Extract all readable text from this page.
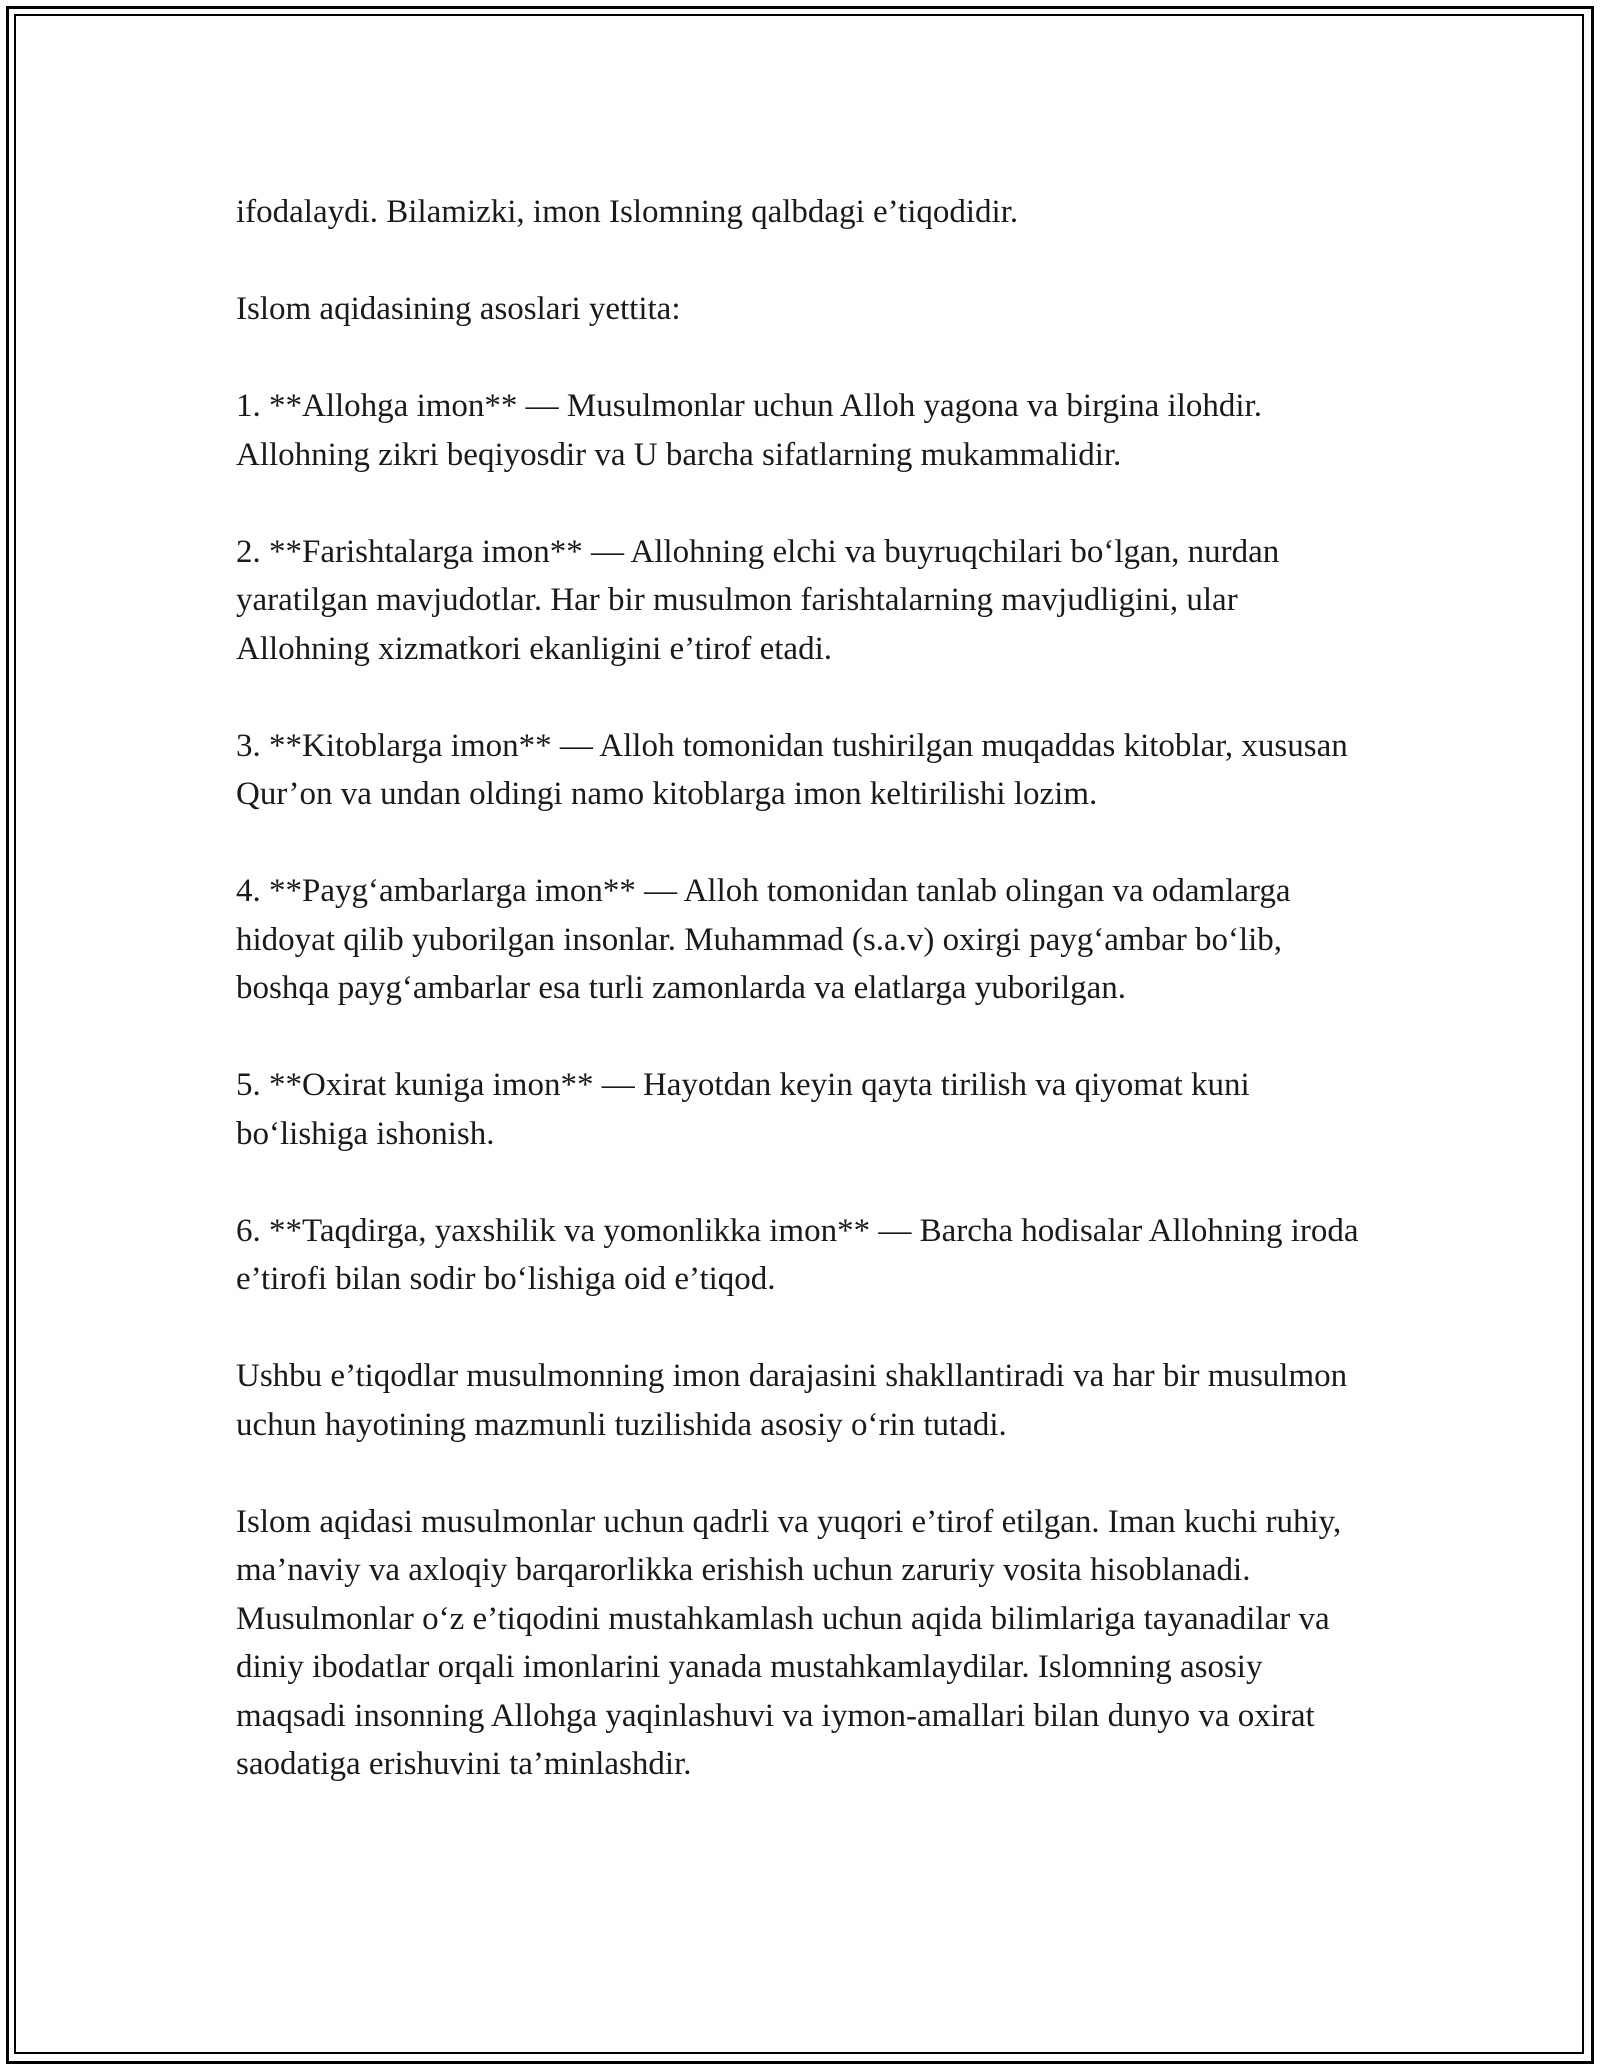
ifodalaydi. Bilamizki, imon Islomning qalbdagi e’tiqodidir.

Islom aqidasining asoslari yettita:

1. **Allohga imon** — Musulmonlar uchun Alloh yagona va birgina ilohdir. Allohning zikri beqiyosdir va U barcha sifatlarning mukammalidir.

2. **Farishtalarga imon** — Allohning elchi va buyruqchilari bo‘lgan, nurdan yaratilgan mavjudotlar. Har bir musulmon farishtalarning mavjudligini, ular Allohning xizmatkori ekanligini e’tirof etadi.

3. **Kitoblarga imon** — Alloh tomonidan tushirilgan muqaddas kitoblar, xususan Qur’on va undan oldingi namo kitoblarga imon keltirilishi lozim.

4. **Payg‘ambarlarga imon** — Alloh tomonidan tanlab olingan va odamlarga hidoyat qilib yuborilgan insonlar. Muhammad (s.a.v) oxirgi payg‘ambar bo‘lib, boshqa payg‘ambarlar esa turli zamonlarda va elatlarga yuborilgan.

5. **Oxirat kuniga imon** — Hayotdan keyin qayta tirilish va qiyomat kuni bo‘lishiga ishonish.

6. **Taqdirga, yaxshilik va yomonlikka imon** — Barcha hodisalar Allohning iroda e’tirofi bilan sodir bo‘lishiga oid e’tiqod.

Ushbu e’tiqodlar musulmonning imon darajasini shakllantiradi va har bir musulmon uchun hayotining mazmunli tuzilishida asosiy o‘rin tutadi.

Islom aqidasi musulmonlar uchun qadrli va yuqori e’tirof etilgan. Iman kuchi ruhiy, ma’naviy va axloqiy barqarorlikka erishish uchun zaruriy vosita hisoblanadi. Musulmonlar o‘z e’tiqodini mustahkamlash uchun aqida bilimlariga tayanadilar va diniy ibodatlar orqali imonlarini yanada mustahkamlaydilar. Islomning asosiy maqsadi insonning Allohga yaqinlashuvi va iymon-amallari bilan dunyo va oxirat saodatiga erishuvini ta’minlashdir.
